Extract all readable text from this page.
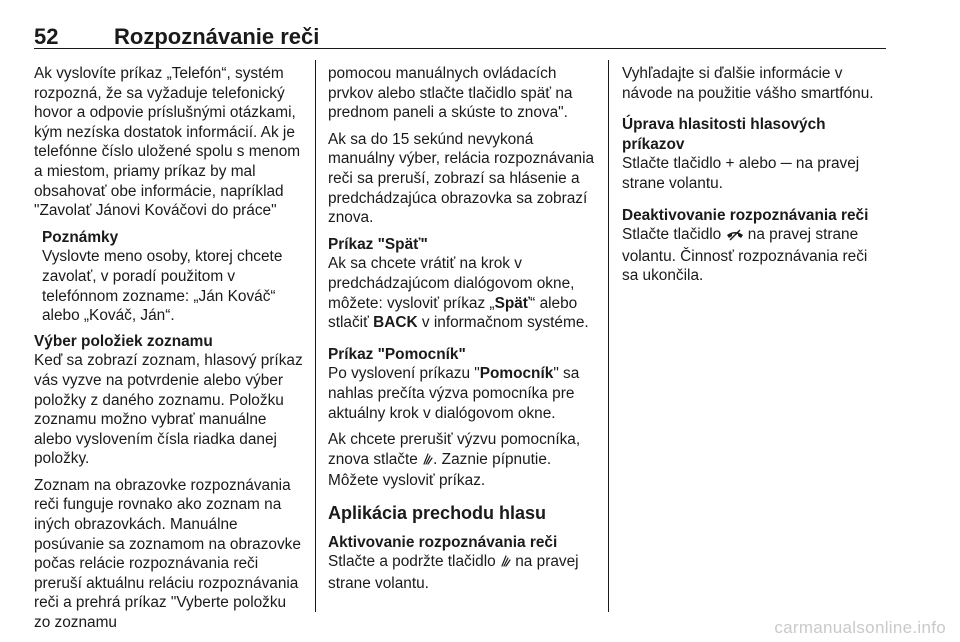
52	Rozpoznávanie reči

Ak vyslovíte príkaz „Telefón“, systém rozpozná, že sa vyžaduje telefonický hovor a odpovie príslušnými otázkami, kým nezíska dostatok informácií. Ak je telefónne číslo uložené spolu s menom a miestom, priamy príkaz by mal obsahovať obe informácie, napríklad "Zavolať Jánovi Kováčovi do práce"

Poznámky
Vyslovte meno osoby, ktorej chcete zavolať, v poradí použitom v telefónnom zozname: „Ján Kováč“ alebo „Kováč, Ján“.
Výber položiek zoznamu

Keď sa zobrazí zoznam, hlasový príkaz vás vyzve na potvrdenie alebo výber položky z daného zoznamu. Položku zoznamu možno vybrať manuálne alebo vyslovením čísla riadka danej položky.

Zoznam na obrazovke rozpoznávania reči funguje rovnako ako zoznam na iných obrazovkách. Manuálne posúvanie sa zoznamom na obrazovke počas relácie rozpoznávania reči preruší aktuálnu reláciu rozpoznávania reči a prehrá príkaz "Vyberte položku zo zoznamu

pomocou manuálnych ovládacích prvkov alebo stlačte tlačidlo späť na prednom paneli a skúste to znova".

Ak sa do 15 sekúnd nevykoná manuálny výber, relácia rozpoznávania reči sa preruší, zobrazí sa hlásenie a predchádzajúca obrazovka sa zobrazí znova.

Príkaz "Späť"

Ak sa chcete vrátiť na krok v predchádzajúcom dialógovom okne, môžete: vysloviť príkaz „Späť“ alebo stlačiť BACK v informačnom systéme.

Príkaz "Pomocník"

Po vyslovení príkazu "Pomocník" sa nahlas prečíta výzva pomocníka pre aktuálny krok v dialógovom okne.

Ak chcete prerušiť výzvu pomocníka, znova stlačte . Zaznie pípnutie. Môžete vysloviť príkaz.

Aplikácia prechodu hlasu
Aktivovanie rozpoznávania reči

Stlačte a podržte tlačidlo  na pravej strane volantu.

Vyhľadajte si ďalšie informácie v návode na použitie vášho smartfónu.

Úprava hlasitosti hlasových príkazov

Stlačte tlačidlo + alebo ─ na pravej strane volantu.

Deaktivovanie rozpoznávania reči

Stlačte tlačidlo  na pravej strane volantu. Činnosť rozpoznávania reči sa ukončila.

carmanualsonline.info
